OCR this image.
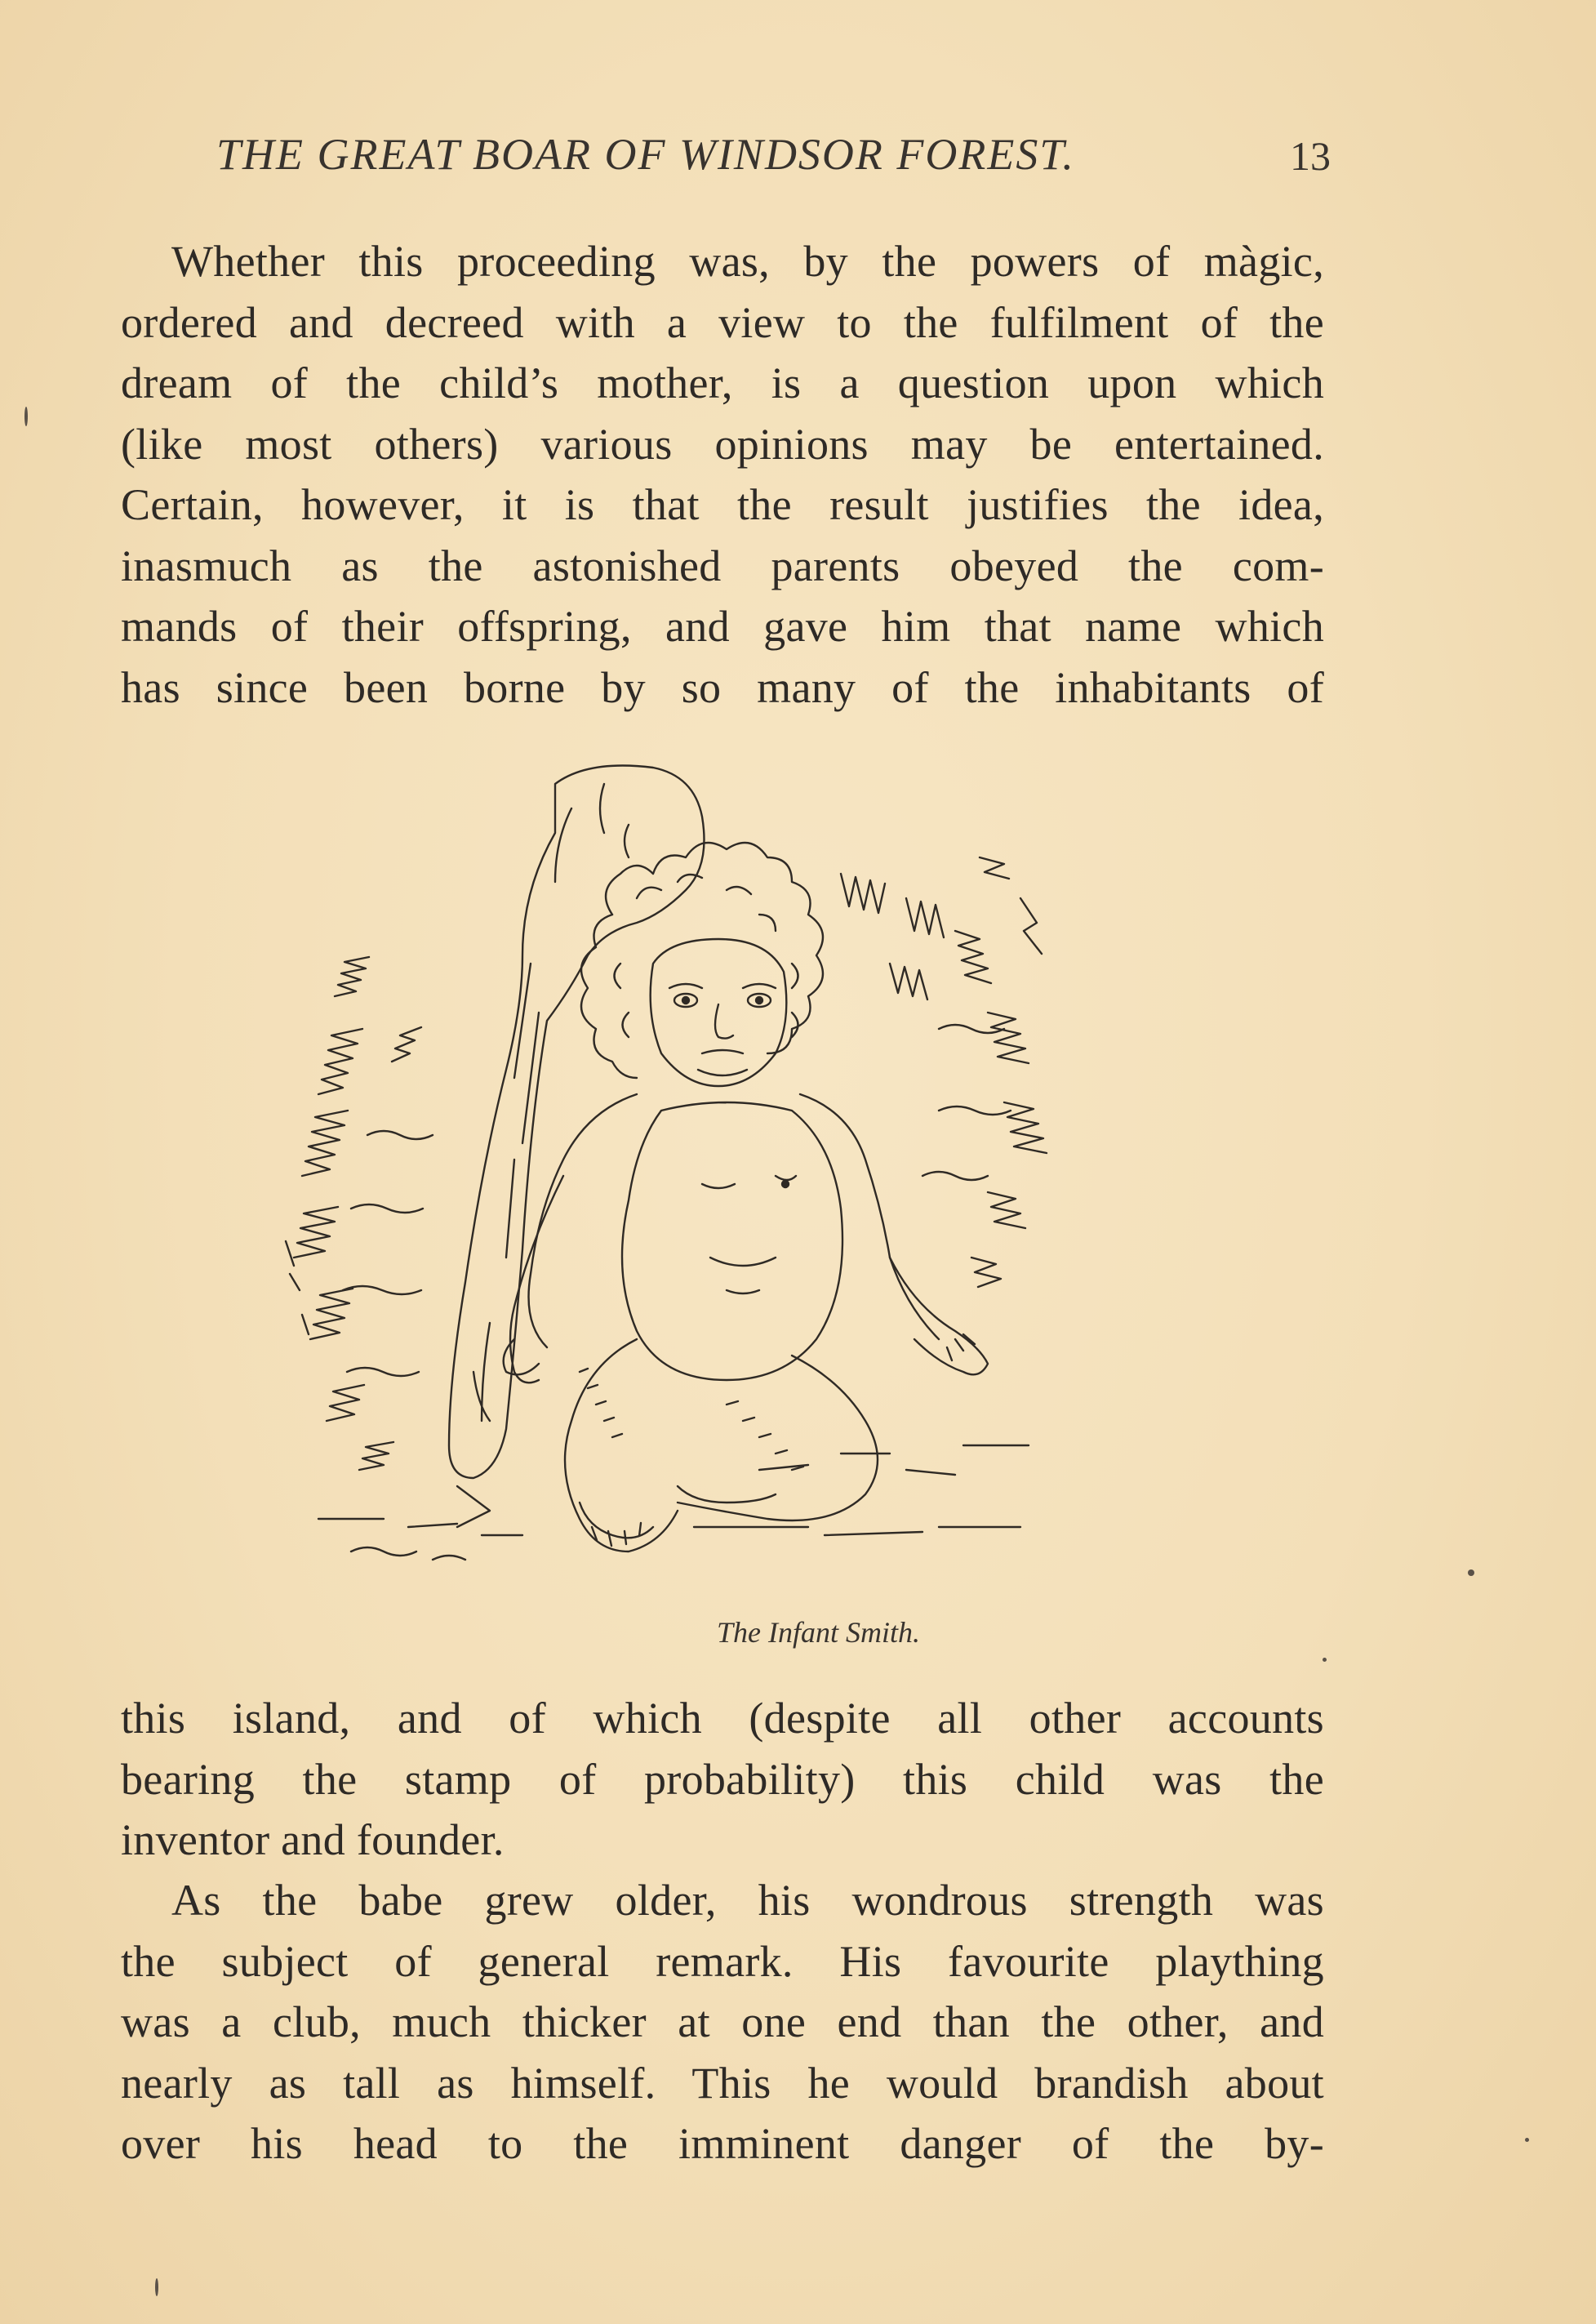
THE GREAT BOAR OF WINDSOR FOREST.	13
Whether this proceeding was, by the powers of màgic,
ordered and decreed with a view to the fulfilment of the
dream of the child’s mother, is a question upon which
(like most others) various opinions may be entertained.
Certain, however, it is that the result justifies the idea,
inasmuch as the astonished parents obeyed the com-
mands of their offspring, and gave him that name which
has since been borne by so many of the inhabitants of
The Infant Smith.
this island, and of which (despite all other accounts
bearing the stamp of probability) this child was the
inventor and founder.
As the babe grew older, his wondrous strength was
the subject of general remark. His favourite plaything
was a club, much thicker at one end than the other, and
nearly as tall as himself. This he would brandish about
over his head to the imminent danger of the by-
